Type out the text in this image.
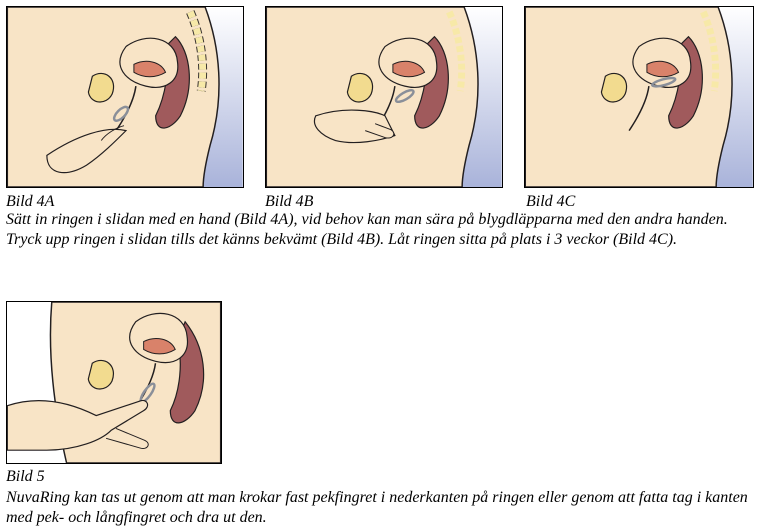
Bild 4A	Bild 4B	Bild 4C
Sätt in ringen i slidan med en hand (Bild 4A), vid behov kan man sära på blygdläpparna med den andra handen. Tryck upp ringen i slidan tills det känns bekvämt (Bild 4B). Låt ringen sitta på plats i 3 veckor (Bild 4C).
Bild 5
NuvaRing kan tas ut genom att man krokar fast pekfingret i nederkanten på ringen eller genom att fatta tag i kanten med pek- och långfingret och dra ut den.
